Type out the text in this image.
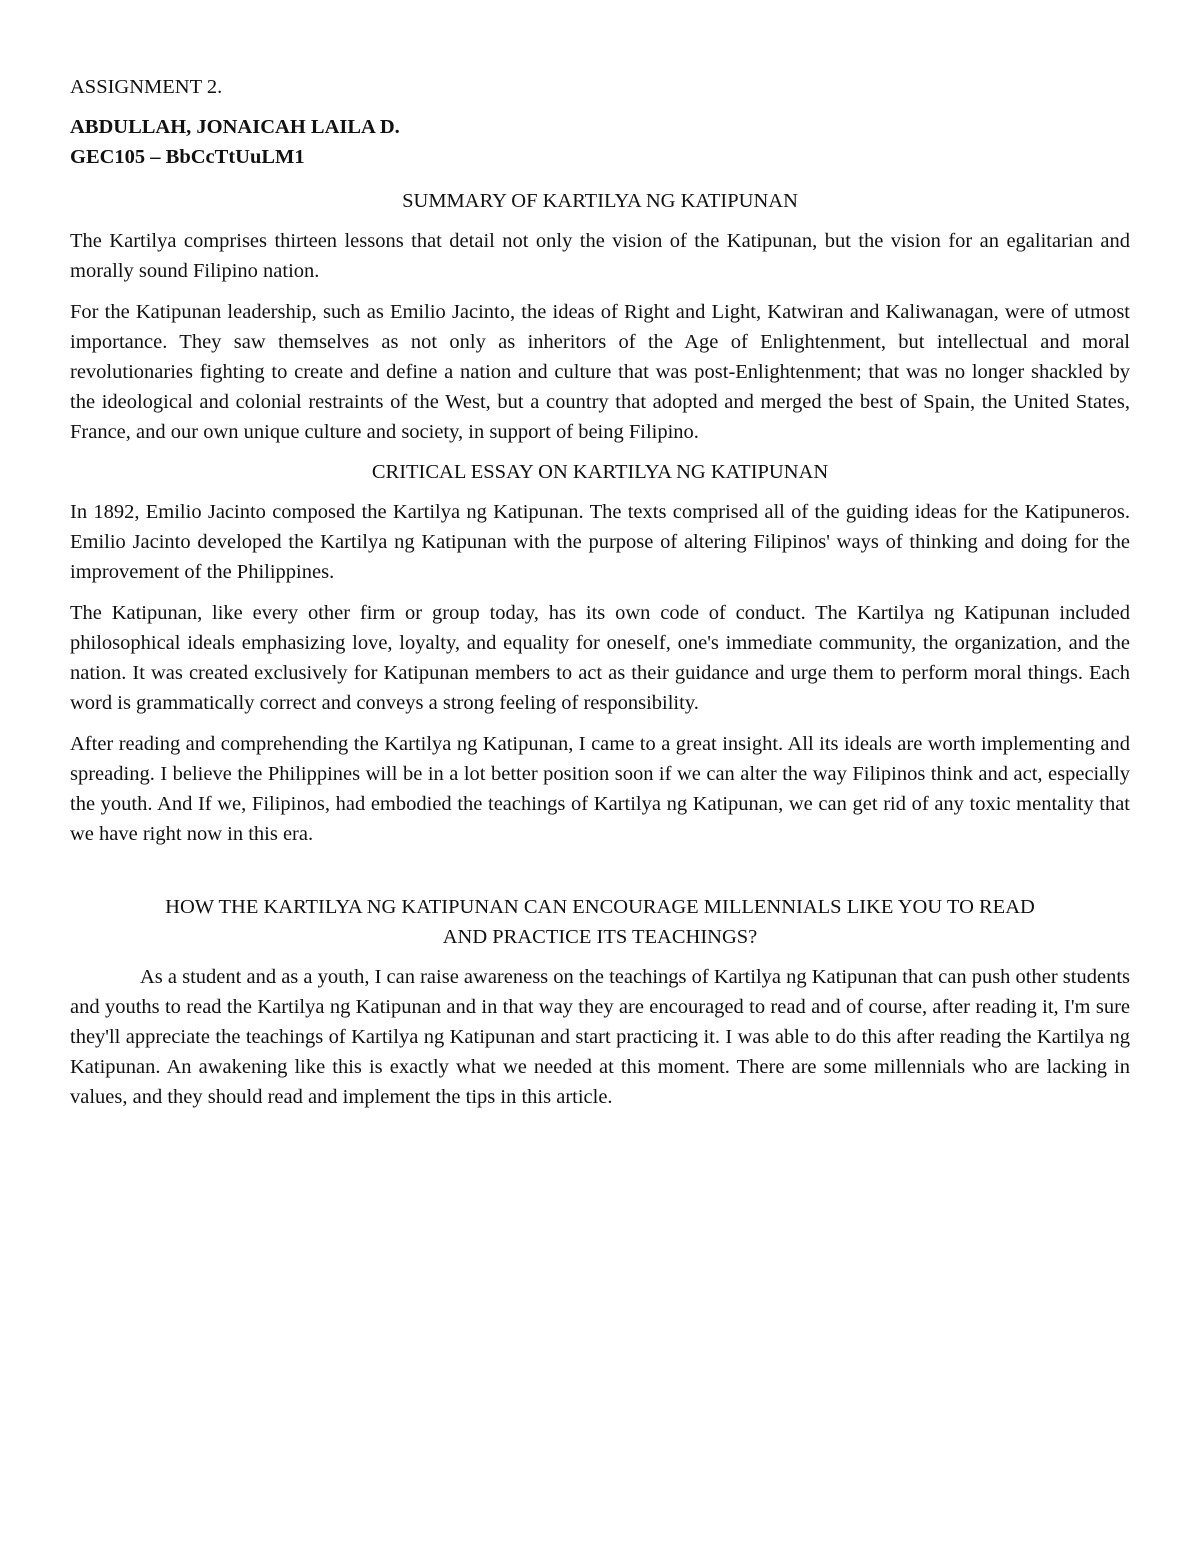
ASSIGNMENT 2.

ABDULLAH, JONAICAH LAILA D.

GEC105 – BbCcTtUuLM1

SUMMARY OF KARTILYA NG KATIPUNAN

The Kartilya comprises thirteen lessons that detail not only the vision of the Katipunan, but the vision for an egalitarian and morally sound Filipino nation.

For the Katipunan leadership, such as Emilio Jacinto, the ideas of Right and Light, Katwiran and Kaliwanagan, were of utmost importance. They saw themselves as not only as inheritors of the Age of Enlightenment, but intellectual and moral revolutionaries fighting to create and define a nation and culture that was post-Enlightenment; that was no longer shackled by the ideological and colonial restraints of the West, but a country that adopted and merged the best of Spain, the United States, France, and our own unique culture and society, in support of being Filipino.

CRITICAL ESSAY ON KARTILYA NG KATIPUNAN

In 1892, Emilio Jacinto composed the Kartilya ng Katipunan. The texts comprised all of the guiding ideas for the Katipuneros. Emilio Jacinto developed the Kartilya ng Katipunan with the purpose of altering Filipinos' ways of thinking and doing for the improvement of the Philippines.

The Katipunan, like every other firm or group today, has its own code of conduct. The Kartilya ng Katipunan included philosophical ideals emphasizing love, loyalty, and equality for oneself, one's immediate community, the organization, and the nation. It was created exclusively for Katipunan members to act as their guidance and urge them to perform moral things. Each word is grammatically correct and conveys a strong feeling of responsibility.

After reading and comprehending the Kartilya ng Katipunan, I came to a great insight. All its ideals are worth implementing and spreading. I believe the Philippines will be in a lot better position soon if we can alter the way Filipinos think and act, especially the youth. And If we, Filipinos, had embodied the teachings of Kartilya ng Katipunan, we can get rid of any toxic mentality that we have right now in this era.

HOW THE KARTILYA NG KATIPUNAN CAN ENCOURAGE MILLENNIALS LIKE YOU TO READ
AND PRACTICE ITS TEACHINGS?

As a student and as a youth, I can raise awareness on the teachings of Kartilya ng Katipunan that can push other students and youths to read the Kartilya ng Katipunan and in that way they are encouraged to read and of course, after reading it, I'm sure they'll appreciate the teachings of Kartilya ng Katipunan and start practicing it. I was able to do this after reading the Kartilya ng Katipunan. An awakening like this is exactly what we needed at this moment. There are some millennials who are lacking in values, and they should read and implement the tips in this article.
